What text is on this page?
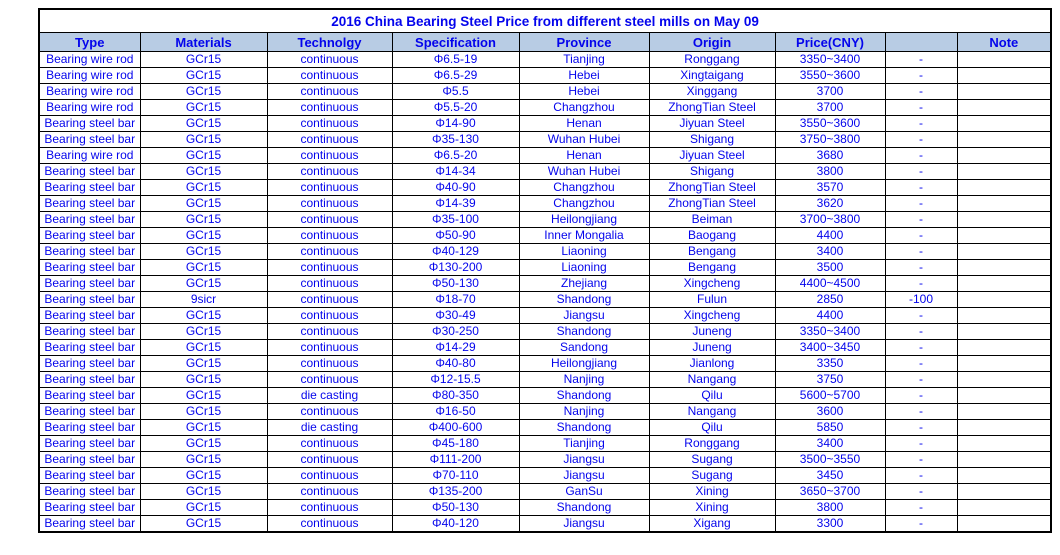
2016 China Bearing Steel Price from different steel mills on May 09								
Type	Materials	Technolgy	Specification	Province	Origin	Price(CNY)		Note
Bearing wire rod	GCr15	continuous	Φ6.5-19	Tianjing	Ronggang	3350~3400	-	
Bearing wire rod	GCr15	continuous	Φ6.5-29	Hebei	Xingtaigang	3550~3600	-	
Bearing wire rod	GCr15	continuous	Φ5.5	Hebei	Xinggang	3700	-	
Bearing wire rod	GCr15	continuous	Φ5.5-20	Changzhou	ZhongTian Steel	3700	-	
Bearing steel bar	GCr15	continuous	Φ14-90	Henan	Jiyuan Steel	3550~3600	-	
Bearing steel bar	GCr15	continuous	Φ35-130	Wuhan Hubei	Shigang	3750~3800	-	
Bearing wire rod	GCr15	continuous	Φ6.5-20	Henan	Jiyuan Steel	3680	-	
Bearing steel bar	GCr15	continuous	Φ14-34	Wuhan Hubei	Shigang	3800	-	
Bearing steel bar	GCr15	continuous	Φ40-90	Changzhou	ZhongTian Steel	3570	-	
Bearing steel bar	GCr15	continuous	Φ14-39	Changzhou	ZhongTian Steel	3620	-	
Bearing steel bar	GCr15	continuous	Φ35-100	Heilongjiang	Beiman	3700~3800	-	
Bearing steel bar	GCr15	continuous	Φ50-90	Inner Mongalia	Baogang	4400	-	
Bearing steel bar	GCr15	continuous	Φ40-129	Liaoning	Bengang	3400	-	
Bearing steel bar	GCr15	continuous	Φ130-200	Liaoning	Bengang	3500	-	
Bearing steel bar	GCr15	continuous	Φ50-130	Zhejiang	Xingcheng	4400~4500	-	
Bearing steel bar	9sicr	continuous	Φ18-70	Shandong	Fulun	2850	-100	
Bearing steel bar	GCr15	continuous	Φ30-49	Jiangsu	Xingcheng	4400	-	
Bearing steel bar	GCr15	continuous	Φ30-250	Shandong	Juneng	3350~3400	-	
Bearing steel bar	GCr15	continuous	Φ14-29	Sandong	Juneng	3400~3450	-	
Bearing steel bar	GCr15	continuous	Φ40-80	Heilongjiang	Jianlong	3350	-	
Bearing steel bar	GCr15	continuous	Φ12-15.5	Nanjing	Nangang	3750	-	
Bearing steel bar	GCr15	die casting	Φ80-350	Shandong	Qilu	5600~5700	-	
Bearing steel bar	GCr15	continuous	Φ16-50	Nanjing	Nangang	3600	-	
Bearing steel bar	GCr15	die casting	Φ400-600	Shandong	Qilu	5850	-	
Bearing steel bar	GCr15	continuous	Φ45-180	Tianjing	Ronggang	3400	-	
Bearing steel bar	GCr15	continuous	Φ111-200	Jiangsu	Sugang	3500~3550	-	
Bearing steel bar	GCr15	continuous	Φ70-110	Jiangsu	Sugang	3450	-	
Bearing steel bar	GCr15	continuous	Φ135-200	GanSu	Xining	3650~3700	-	
Bearing steel bar	GCr15	continuous	Φ50-130	Shandong	Xining	3800	-	
Bearing steel bar	GCr15	continuous	Φ40-120	Jiangsu	Xigang	3300	-	
